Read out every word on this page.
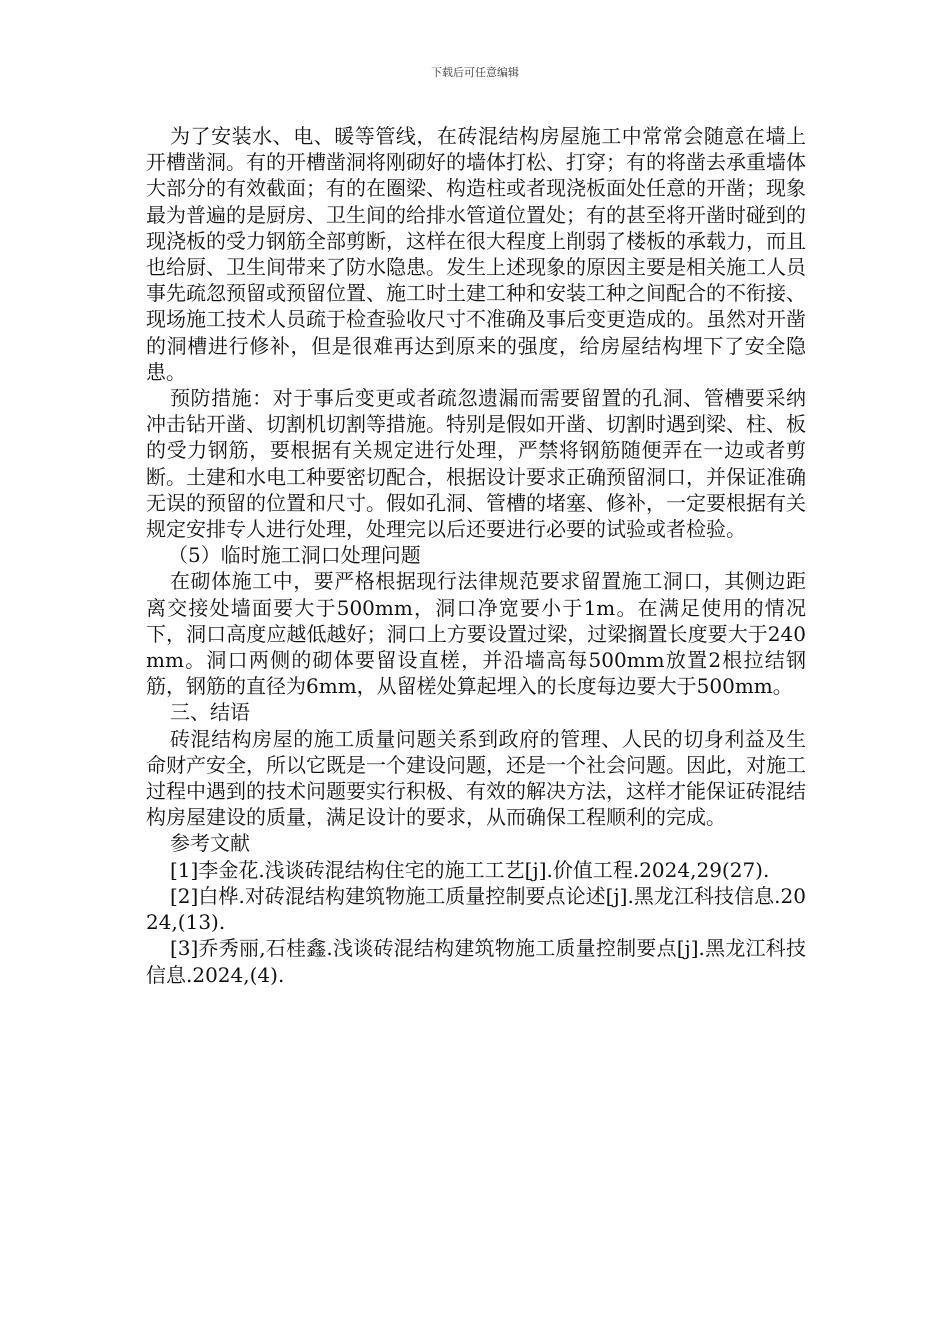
下载后可任意编辑

为了安装水、电、暖等管线，在砖混结构房屋施工中常常会随意在墙上开槽凿洞。有的开槽凿洞将刚砌好的墙体打松、打穿；有的将凿去承重墙体大部分的有效截面；有的在圈梁、构造柱或者现浇板面处任意的开凿；现象最为普遍的是厨房、卫生间的给排水管道位置处；有的甚至将开凿时碰到的现浇板的受力钢筋全部剪断，这样在很大程度上削弱了楼板的承载力，而且也给厨、卫生间带来了防水隐患。发生上述现象的原因主要是相关施工人员事先疏忽预留或预留位置、施工时土建工种和安装工种之间配合的不衔接、现场施工技术人员疏于检查验收尺寸不准确及事后变更造成的。虽然对开凿的洞槽进行修补，但是很难再达到原来的强度，给房屋结构埋下了安全隐患。

预防措施：对于事后变更或者疏忽遗漏而需要留置的孔洞、管槽要采纳冲击钻开凿、切割机切割等措施。特别是假如开凿、切割时遇到梁、柱、板的受力钢筋，要根据有关规定进行处理，严禁将钢筋随便弄在一边或者剪断。土建和水电工种要密切配合，根据设计要求正确预留洞口，并保证准确无误的预留的位置和尺寸。假如孔洞、管槽的堵塞、修补，一定要根据有关规定安排专人进行处理，处理完以后还要进行必要的试验或者检验。

（5）临时施工洞口处理问题

在砌体施工中，要严格根据现行法律规范要求留置施工洞口，其侧边距离交接处墙面要大于500mm，洞口净宽要小于1m。在满足使用的情况下，洞口高度应越低越好；洞口上方要设置过梁，过梁搁置长度要大于240mm。洞口两侧的砌体要留设直槎，并沿墙高每500mm放置2根拉结钢筋，钢筋的直径为6mm，从留槎处算起埋入的长度每边要大于500mm。

三、结语

砖混结构房屋的施工质量问题关系到政府的管理、人民的切身利益及生命财产安全，所以它既是一个建设问题，还是一个社会问题。因此，对施工过程中遇到的技术问题要实行积极、有效的解决方法，这样才能保证砖混结构房屋建设的质量，满足设计的要求，从而确保工程顺利的完成。

参考文献

[1]李金花.浅谈砖混结构住宅的施工工艺[j].价值工程.2024,29(27).

[2]白桦.对砖混结构建筑物施工质量控制要点论述[j].黑龙江科技信息.2024,(13).

[3]乔秀丽,石桂鑫.浅谈砖混结构建筑物施工质量控制要点[j].黑龙江科技信息.2024,(4).
